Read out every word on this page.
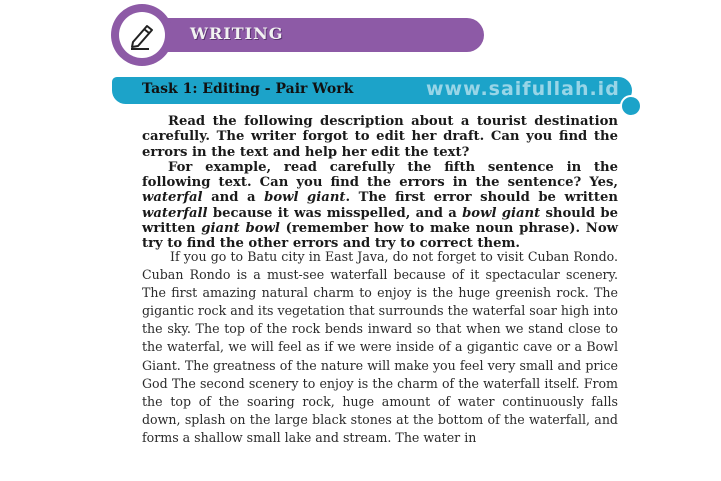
WRITING
Task 1: Editing - Pair Work	www.saifullah.id

Read the following description about a tourist destination carefully. The writer forgot to edit her draft. Can you find the errors in the text and help her edit the text?

For example, read carefully the fifth sentence in the following text. Can you find the errors in the sentence? Yes, waterfal and a bowl giant. The first error should be written waterfall because it was misspelled, and a bowl giant should be written giant bowl (remember how to make noun phrase). Now try to find the other errors and try to correct them.

If you go to Batu city in East Java, do not forget to visit Cuban Rondo. Cuban Rondo is a must-see waterfall because of it spectacular scenery. The first amazing natural charm to enjoy is the huge greenish rock. The gigantic rock and its vegetation that surrounds the waterfal soar high into the sky. The top of the rock bends inward so that when we stand close to the waterfal, we will feel as if we were inside of a gigantic cave or a Bowl Giant. The greatness of the nature will make you feel very small and price God The second scenery to enjoy is the charm of the waterfall itself. From the top of the soaring rock, huge amount of water continuously falls down, splash on the large black stones at the bottom of the waterfall, and forms a shallow small lake and stream. The water in
